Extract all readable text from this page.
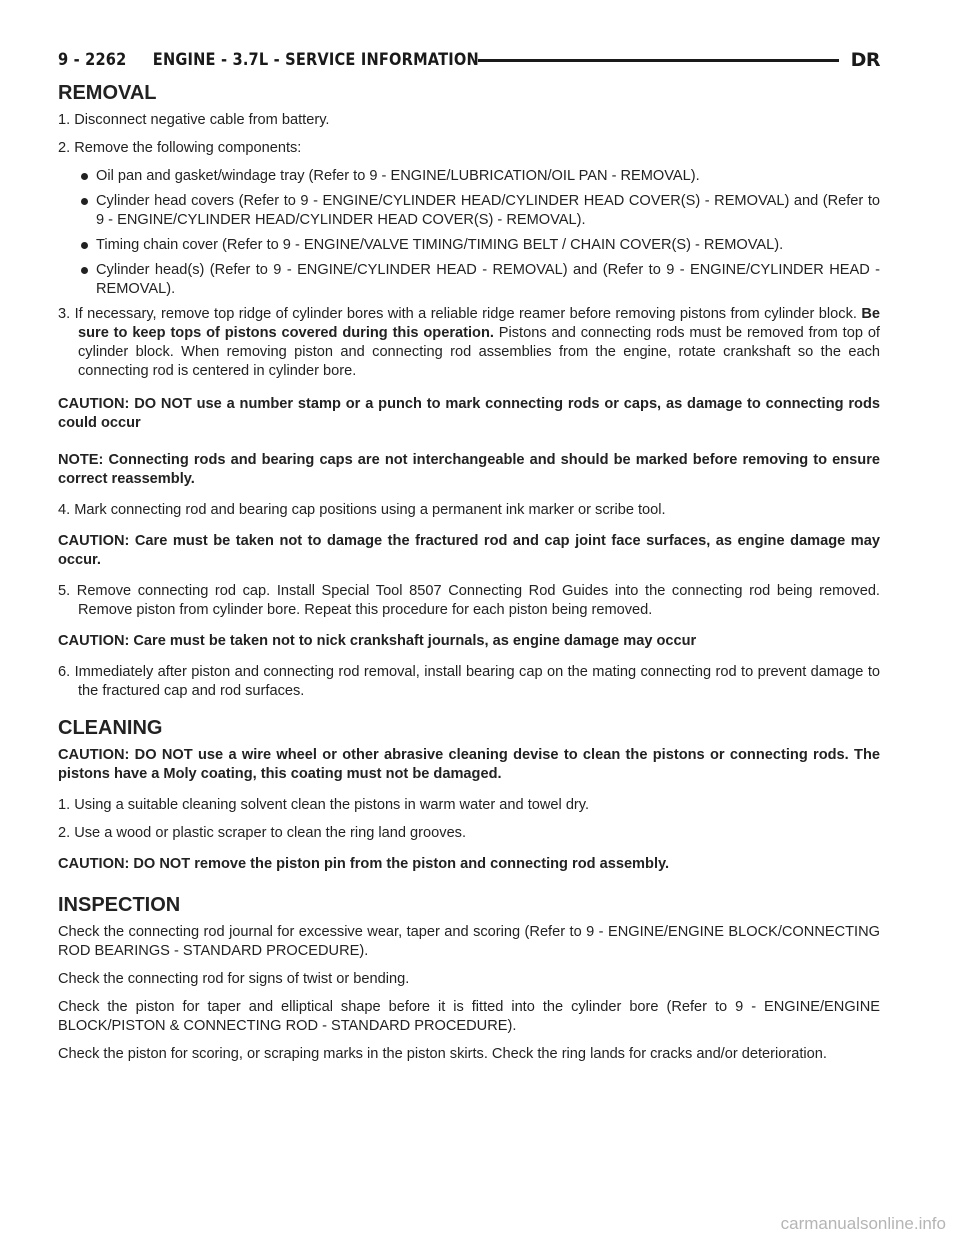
9 - 2262     ENGINE - 3.7L - SERVICE INFORMATION	DR
REMOVAL

1. Disconnect negative cable from battery.

2. Remove the following components:

Oil pan and gasket/windage tray (Refer to 9 - ENGINE/LUBRICATION/OIL PAN - REMOVAL).
Cylinder head covers (Refer to 9 - ENGINE/CYLINDER HEAD/CYLINDER HEAD COVER(S) - REMOVAL) and (Refer to 9 - ENGINE/CYLINDER HEAD/CYLINDER HEAD COVER(S) - REMOVAL).
Timing chain cover (Refer to 9 - ENGINE/VALVE TIMING/TIMING BELT / CHAIN COVER(S) - REMOVAL).
Cylinder head(s) (Refer to 9 - ENGINE/CYLINDER HEAD - REMOVAL) and (Refer to 9 - ENGINE/CYLINDER HEAD - REMOVAL).

3. If necessary, remove top ridge of cylinder bores with a reliable ridge reamer before removing pistons from cylinder block. Be sure to keep tops of pistons covered during this operation. Pistons and connecting rods must be removed from top of cylinder block. When removing piston and connecting rod assemblies from the engine, rotate crankshaft so the each connecting rod is centered in cylinder bore.

CAUTION: DO NOT use a number stamp or a punch to mark connecting rods or caps, as damage to connecting rods could occur

NOTE: Connecting rods and bearing caps are not interchangeable and should be marked before removing to ensure correct reassembly.

4. Mark connecting rod and bearing cap positions using a permanent ink marker or scribe tool.

CAUTION: Care must be taken not to damage the fractured rod and cap joint face surfaces, as engine damage may occur.

5. Remove connecting rod cap. Install Special Tool 8507 Connecting Rod Guides into the connecting rod being removed. Remove piston from cylinder bore. Repeat this procedure for each piston being removed.

CAUTION: Care must be taken not to nick crankshaft journals, as engine damage may occur

6. Immediately after piston and connecting rod removal, install bearing cap on the mating connecting rod to prevent damage to the fractured cap and rod surfaces.

CLEANING

CAUTION: DO NOT use a wire wheel or other abrasive cleaning devise to clean the pistons or connecting rods. The pistons have a Moly coating, this coating must not be damaged.

1. Using a suitable cleaning solvent clean the pistons in warm water and towel dry.

2. Use a wood or plastic scraper to clean the ring land grooves.

CAUTION: DO NOT remove the piston pin from the piston and connecting rod assembly.

INSPECTION

Check the connecting rod journal for excessive wear, taper and scoring (Refer to 9 - ENGINE/ENGINE BLOCK/CONNECTING ROD BEARINGS - STANDARD PROCEDURE).

Check the connecting rod for signs of twist or bending.

Check the piston for taper and elliptical shape before it is fitted into the cylinder bore (Refer to 9 - ENGINE/ENGINE BLOCK/PISTON & CONNECTING ROD - STANDARD PROCEDURE).

Check the piston for scoring, or scraping marks in the piston skirts. Check the ring lands for cracks and/or deterioration.

carmanualsonline.info
